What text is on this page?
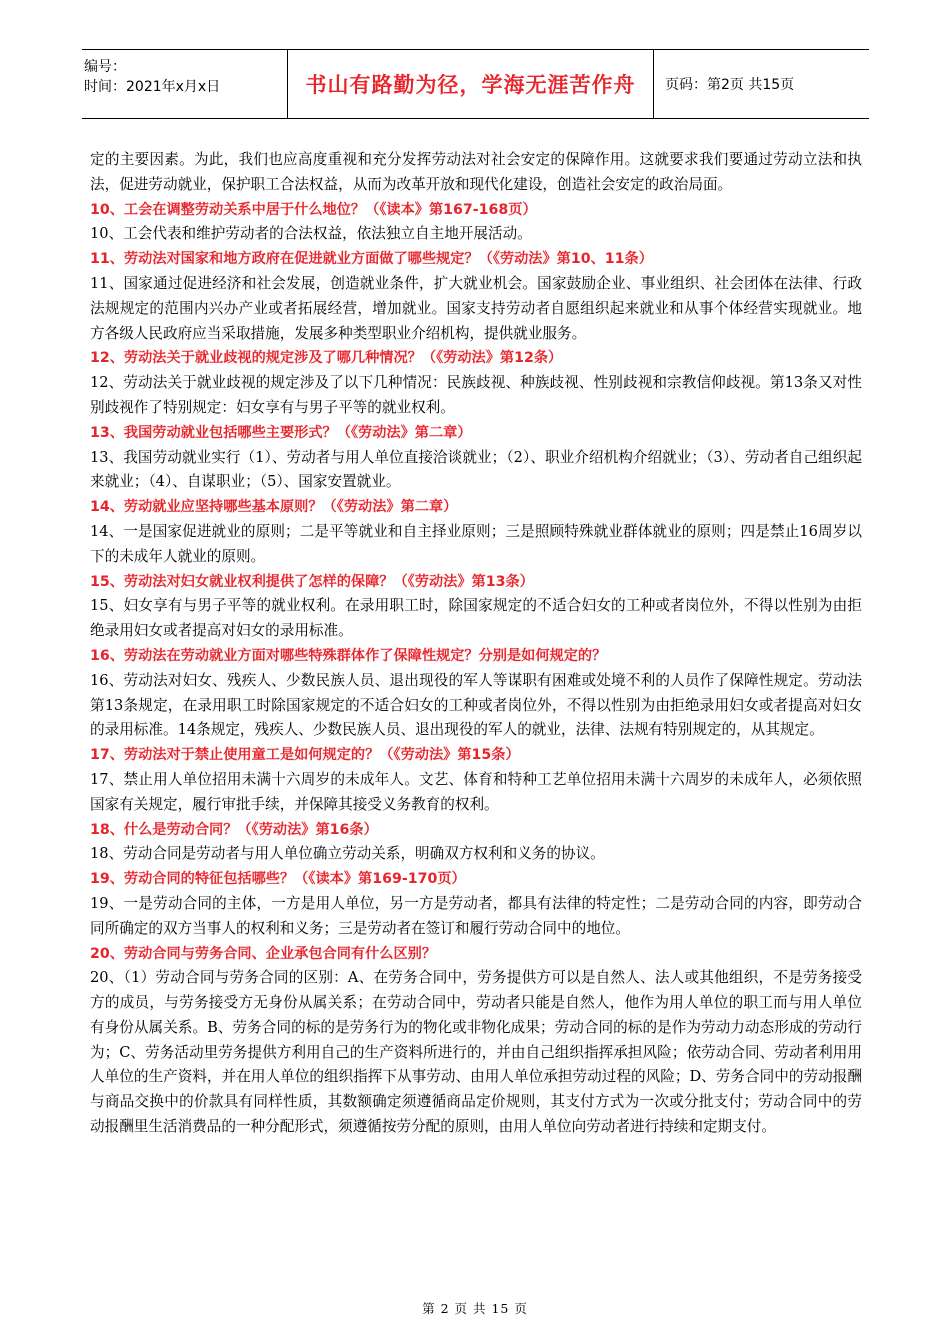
编号：
时间：2021年x月x日	书山有路勤为径，学海无涯苦作舟 页码：第2页 共15页

定的主要因素。为此，我们也应高度重视和充分发挥劳动法对社会安定的保障作用。这就要求我们要通过劳动立法和执法，促进劳动就业，保护职工合法权益，从而为改革开放和现代化建设，创造社会安定的政治局面。

10、工会在调整劳动关系中居于什么地位？（《读本》第167-168页）

10、工会代表和维护劳动者的合法权益，依法独立自主地开展活动。

11、劳动法对国家和地方政府在促进就业方面做了哪些规定？（《劳动法》第10、11条）

11、国家通过促进经济和社会发展，创造就业条件，扩大就业机会。国家鼓励企业、事业组织、社会团体在法律、行政法规规定的范围内兴办产业或者拓展经营，增加就业。国家支持劳动者自愿组织起来就业和从事个体经营实现就业。地方各级人民政府应当采取措施，发展多种类型职业介绍机构，提供就业服务。

12、劳动法关于就业歧视的规定涉及了哪几种情况？（《劳动法》第12条）

12、劳动法关于就业歧视的规定涉及了以下几种情况：民族歧视、种族歧视、性别歧视和宗教信仰歧视。第13条又对性别歧视作了特别规定：妇女享有与男子平等的就业权利。

13、我国劳动就业包括哪些主要形式？（《劳动法》第二章）

13、我国劳动就业实行（1）、劳动者与用人单位直接洽谈就业；（2）、职业介绍机构介绍就业；（3）、劳动者自己组织起来就业；（4）、自谋职业；（5）、国家安置就业。

14、劳动就业应坚持哪些基本原则？（《劳动法》第二章）

14、一是国家促进就业的原则；二是平等就业和自主择业原则；三是照顾特殊就业群体就业的原则；四是禁止16周岁以下的未成年人就业的原则。

15、劳动法对妇女就业权利提供了怎样的保障？（《劳动法》第13条）

15、妇女享有与男子平等的就业权利。在录用职工时，除国家规定的不适合妇女的工种或者岗位外，不得以性别为由拒绝录用妇女或者提高对妇女的录用标准。

16、劳动法在劳动就业方面对哪些特殊群体作了保障性规定？分别是如何规定的？

16、劳动法对妇女、残疾人、少数民族人员、退出现役的军人等谋职有困难或处境不利的人员作了保障性规定。劳动法第13条规定，在录用职工时除国家规定的不适合妇女的工种或者岗位外，不得以性别为由拒绝录用妇女或者提高对妇女的录用标准。14条规定，残疾人、少数民族人员、退出现役的军人的就业，法律、法规有特别规定的，从其规定。

17、劳动法对于禁止使用童工是如何规定的？（《劳动法》第15条）

17、禁止用人单位招用未满十六周岁的未成年人。文艺、体育和特种工艺单位招用未满十六周岁的未成年人，必须依照国家有关规定，履行审批手续，并保障其接受义务教育的权利。

18、什么是劳动合同？（《劳动法》第16条）

18、劳动合同是劳动者与用人单位确立劳动关系，明确双方权利和义务的协议。

19、劳动合同的特征包括哪些？（《读本》第169-170页）

19、一是劳动合同的主体，一方是用人单位，另一方是劳动者，都具有法律的特定性；二是劳动合同的内容，即劳动合同所确定的双方当事人的权利和义务；三是劳动者在签订和履行劳动合同中的地位。

20、劳动合同与劳务合同、企业承包合同有什么区别？

20、（1）劳动合同与劳务合同的区别：A、在劳务合同中，劳务提供方可以是自然人、法人或其他组织，不是劳务接受方的成员，与劳务接受方无身份从属关系；在劳动合同中，劳动者只能是自然人，他作为用人单位的职工而与用人单位有身份从属关系。B、劳务合同的标的是劳务行为的物化或非物化成果；劳动合同的标的是作为劳动力动态形成的劳动行为；C、劳务活动里劳务提供方利用自己的生产资料所进行的，并由自己组织指挥承担风险；依劳动合同、劳动者利用用人单位的生产资料，并在用人单位的组织指挥下从事劳动、由用人单位承担劳动过程的风险；D、劳务合同中的劳动报酬与商品交换中的价款具有同样性质，其数额确定须遵循商品定价规则，其支付方式为一次或分批支付；劳动合同中的劳动报酬里生活消费品的一种分配形式，须遵循按劳分配的原则，由用人单位向劳动者进行持续和定期支付。

第 2 页 共 15 页
